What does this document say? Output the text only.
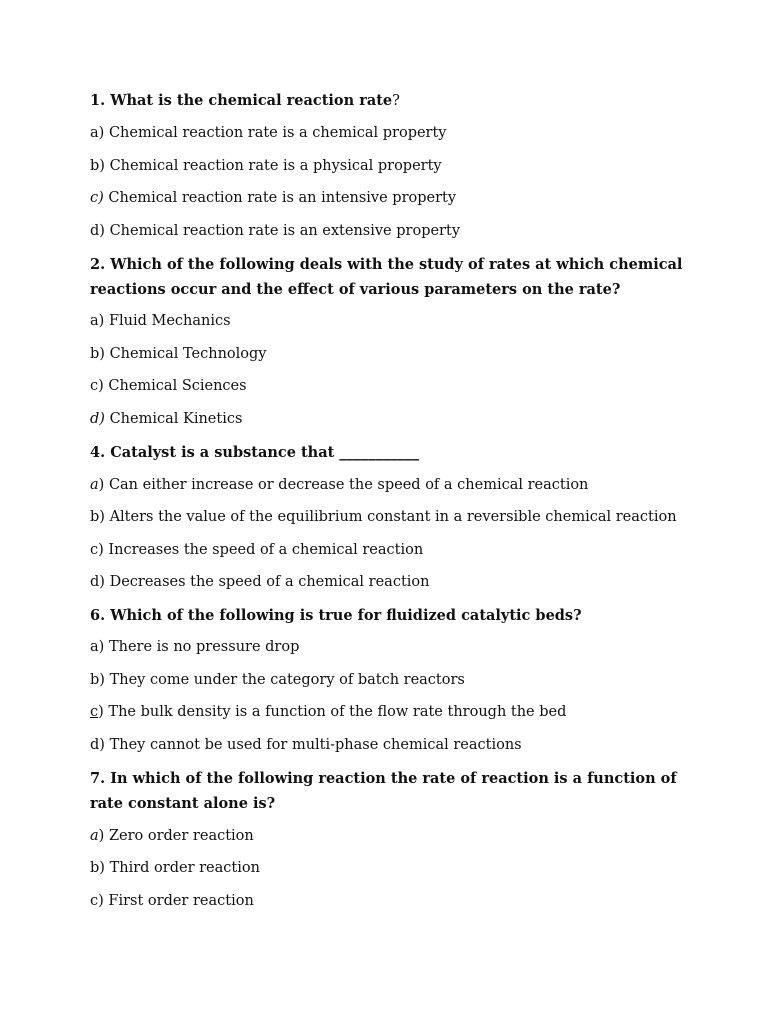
1. What is the chemical reaction rate?
a) Chemical reaction rate is a chemical property
b) Chemical reaction rate is a physical property
c) Chemical reaction rate is an intensive property
d) Chemical reaction rate is an extensive property
2. Which of the following deals with the study of rates at which chemical
reactions occur and the effect of various parameters on the rate?
a) Fluid Mechanics
b) Chemical Technology
c) Chemical Sciences
d) Chemical Kinetics
4. Catalyst is a substance that ___________
a) Can either increase or decrease the speed of a chemical reaction
b) Alters the value of the equilibrium constant in a reversible chemical reaction
c) Increases the speed of a chemical reaction
d) Decreases the speed of a chemical reaction
6. Which of the following is true for fluidized catalytic beds?
a) There is no pressure drop
b) They come under the category of batch reactors
c) The bulk density is a function of the flow rate through the bed
d) They cannot be used for multi-phase chemical reactions
7. In which of the following reaction the rate of reaction is a function of
rate constant alone is?
a) Zero order reaction
b) Third order reaction
c) First order reaction
